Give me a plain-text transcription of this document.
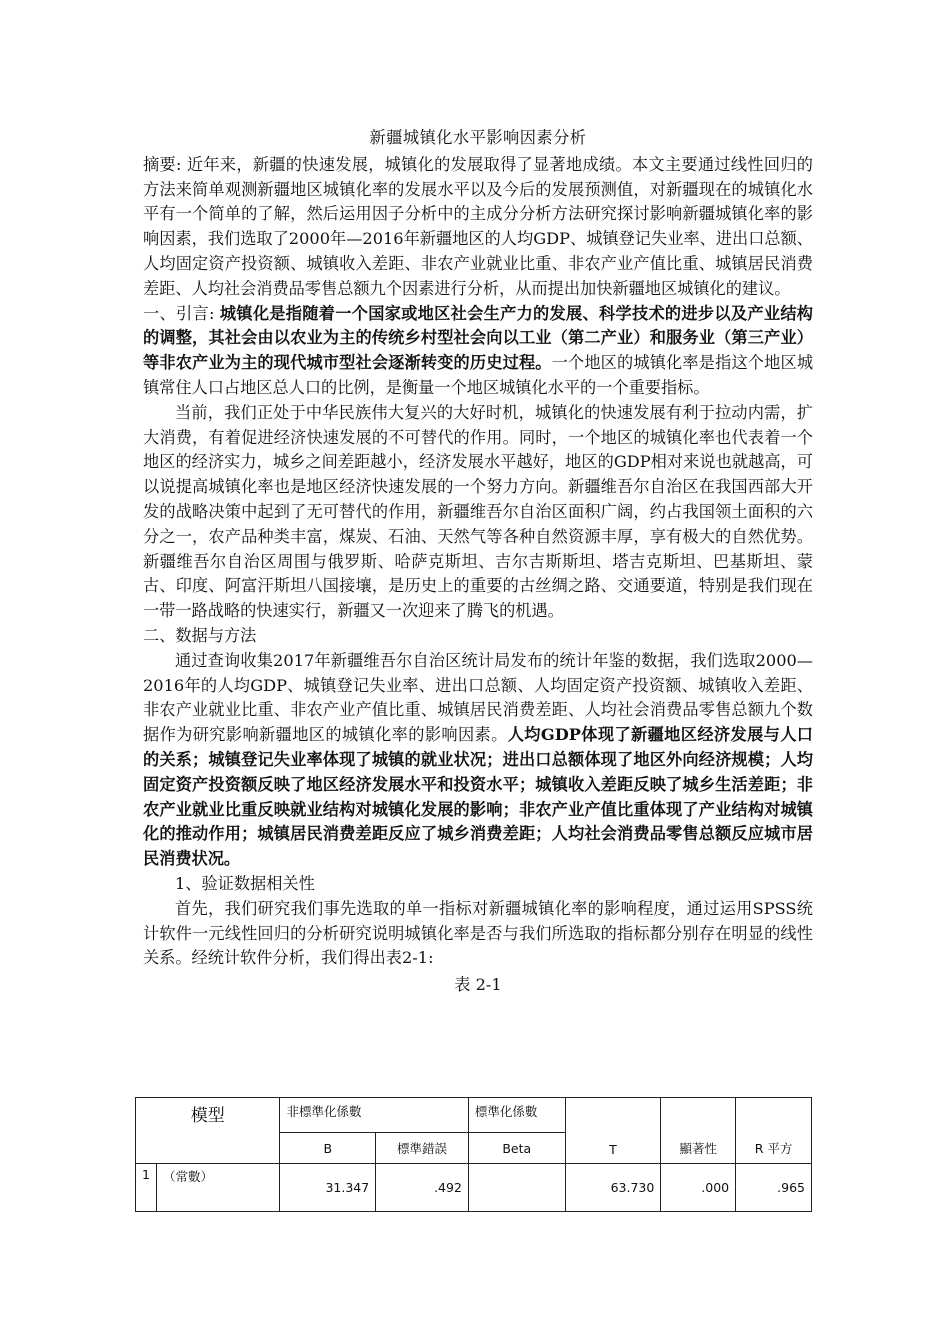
新疆城镇化水平影响因素分析

摘要: 近年来，新疆的快速发展，城镇化的发展取得了显著地成绩。本文主要通过线性回归的方法来简单观测新疆地区城镇化率的发展水平以及今后的发展预测值，对新疆现在的城镇化水平有一个简单的了解，然后运用因子分析中的主成分分析方法研究探讨影响新疆城镇化率的影响因素，我们选取了2000年—2016年新疆地区的人均GDP、城镇登记失业率、进出口总额、人均固定资产投资额、城镇收入差距、非农产业就业比重、非农产业产值比重、城镇居民消费差距、人均社会消费品零售总额九个因素进行分析，从而提出加快新疆地区城镇化的建议。

一、引言: 城镇化是指随着一个国家或地区社会生产力的发展、科学技术的进步以及产业结构的调整，其社会由以农业为主的传统乡村型社会向以工业（第二产业）和服务业（第三产业）等非农产业为主的现代城市型社会逐渐转变的历史过程。一个地区的城镇化率是指这个地区城镇常住人口占地区总人口的比例，是衡量一个地区城镇化水平的一个重要指标。

当前，我们正处于中华民族伟大复兴的大好时机，城镇化的快速发展有利于拉动内需，扩大消费，有着促进经济快速发展的不可替代的作用。同时，一个地区的城镇化率也代表着一个地区的经济实力，城乡之间差距越小，经济发展水平越好，地区的GDP相对来说也就越高，可以说提高城镇化率也是地区经济快速发展的一个努力方向。新疆维吾尔自治区在我国西部大开发的战略决策中起到了无可替代的作用，新疆维吾尔自治区面积广阔，约占我国领土面积的六分之一，农产品种类丰富，煤炭、石油、天然气等各种自然资源丰厚，享有极大的自然优势。新疆维吾尔自治区周围与俄罗斯、哈萨克斯坦、吉尔吉斯斯坦、塔吉克斯坦、巴基斯坦、蒙古、印度、阿富汗斯坦八国接壤，是历史上的重要的古丝绸之路、交通要道，特别是我们现在一带一路战略的快速实行，新疆又一次迎来了腾飞的机遇。

二、数据与方法

通过查询收集2017年新疆维吾尔自治区统计局发布的统计年鉴的数据，我们选取2000—2016年的人均GDP、城镇登记失业率、进出口总额、人均固定资产投资额、城镇收入差距、非农产业就业比重、非农产业产值比重、城镇居民消费差距、人均社会消费品零售总额九个数据作为研究影响新疆地区的城镇化率的影响因素。人均GDP体现了新疆地区经济发展与人口的关系；城镇登记失业率体现了城镇的就业状况；进出口总额体现了地区外向经济规模；人均固定资产投资额反映了地区经济发展水平和投资水平；城镇收入差距反映了城乡生活差距；非农产业就业比重反映就业结构对城镇化发展的影响；非农产业产值比重体现了产业结构对城镇化的推动作用；城镇居民消费差距反应了城乡消费差距；人均社会消费品零售总额反应城市居民消费状况。

1、验证数据相关性

首先，我们研究我们事先选取的单一指标对新疆城镇化率的影响程度，通过运用SPSS统计软件一元线性回归的分析研究说明城镇化率是否与我们所选取的指标都分别存在明显的线性关系。经统计软件分析，我们得出表2-1:

表 2-1
模型		非標準化係數		標準化係數	T	顯著性	R 平方
		B	標準錯誤	Beta			
1	（常數）	31.347	.492		63.730	.000	.965
